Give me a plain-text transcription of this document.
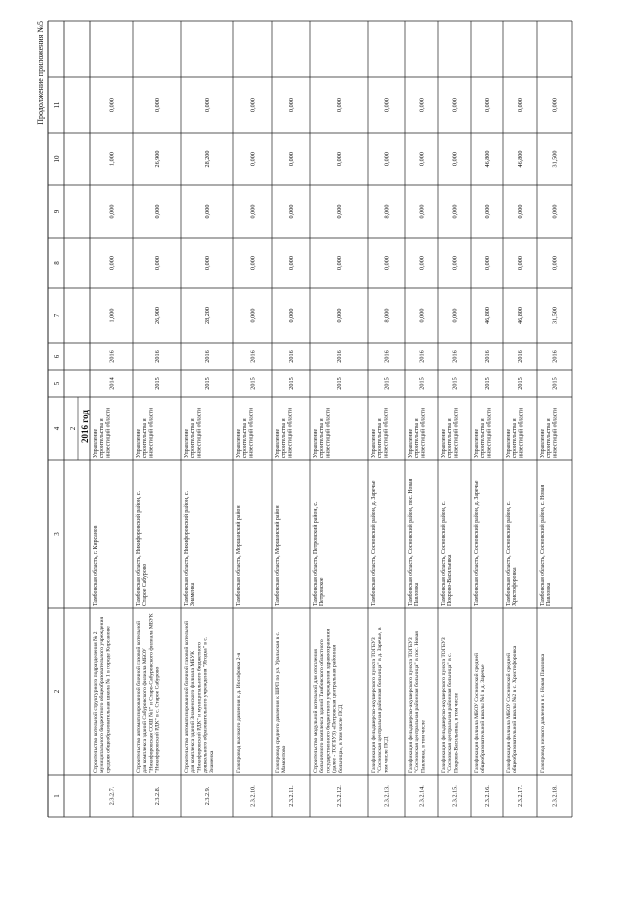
1
2
3
4
5
6
7
8
9
10
11
2 2016 год
2.3.2.7.
Строительство котельной структурного подразделения № 2 муниципального бюджетного общеобразовательного учреждения средняя общеобразовательная школа № 1 в городе Кирсанове
Тамбовская область, г. Кирсанов
Управление строительства и инвестиций области
2014
2016
1,000
0,000
0,000
1,000
0,000
2.3.2.8.
Строительство автоматизированной блочной газовой котельной для комплекса зданий Сабуровского филиала МБОУ "Никифоровская СОШ №1" и Старо-Сабуровского филиала МБУК "Никифоровский РДК" в с. Старое Сабурово
Тамбовская область, Никифоровский район, с. Старое Сабурово
Управление строительства и инвестиций области
2015
2016
26,900
0,000
0,000
26,900
0,000
2.3.2.9.
Строительство автоматизированной блочной газовой котельной для комплекса зданий Знаменского филиала МБУК "Никифоровский РДК" и муниципального бюджетного дошкольного образовательного учреждения "Ягодка" в с. Знаменка
Тамбовская область, Никифоровский район, с. Знаменка
Управление строительства и инвестиций области
2015
2016
28,200
0,000
0,000
28,200
0,000
2.3.2.10.
Газопровод высокого давления к д. Иосифовка 2-я
Тамбовская область, Моршанский район
Управление строительства и инвестиций области
2015
2016
0,000
0,000
0,000
0,000
0,000
2.3.2.11.
Газопровод среднего давления к ШРП по ул. Уральская в с. Мамонтово
Тамбовская область, Моршанский район
Управление строительства и инвестиций области
2015
2016
0,000
0,000
0,000
0,000
0,000
2.3.2.12.
Строительство модульной котельной для отопления больничного комплекса зданий Тамбовского областного государственного бюджетного учреждения здравоохранения (далее - ТОГБУЗ) «Петровская центральная районная больница», в том числе ПСД
Тамбовская область, Петровский район, с. Петровское
Управление строительства и инвестиций области
2015
2016
0,000
0,000
0,000
0,000
0,000
2.3.2.13.
Газификация фельдшерско-акушерского пункта ТОГБУЗ "Сосновская центральная районная больница" в д. Заречье, в том числе ПСД
Тамбовская область, Сосновский район, д. Заречье
Управление строительства и инвестиций области
2015
2016
8,000
0,000
8,000
0,000
0,000
2.3.2.14.
Газификация фельдшерско-акушерского пункта ТОГБУЗ "Сосновская центральная районная больница" в пос. Новая Павловка, в том числе
Тамбовская область, Сосновский район, пос. Новая Павловка
Управление строительства и инвестиций области
2015
2016
0,000
0,000
0,000
0,000
0,000
2.3.2.15.
Газификация фельдшерско-акушерского пункта ТОГБУЗ "Сосновская центральная районная больница" в с. Покрово-Васильевка, в том числе
Тамбовская область, Сосновский район, с. Покрово-Васильевка
Управление строительства и инвестиций области
2015
2016
0,000
0,000
0,000
0,000
0,000
2.3.2.16.
Газификация филиала МБОУ Сосновской средней общеобразовательной школы №1 в д. Заречье
Тамбовская область, Сосновский район, д. Заречье
Управление строительства и инвестиций области
2015
2016
46,800
0,000
0,000
46,800
0,000
2.3.2.17.
Газификация филиала МБОУ Сосновской средней общеобразовательной школы №2 в с. Христофоровка
Тамбовская область, Сосновский район, с. Христофоровка
Управление строительства и инвестиций области
2015
2016
46,800
0,000
0,000
46,800
0,000
2.3.2.18.
Газопровод низкого давления в с. Новая Павловка
Тамбовская область, Сосновский район, с. Новая Павловка
Управление строительства и инвестиций области
2015
2016
31,500
0,000
0,000
31,500
0,000
Продолжение приложения №5
